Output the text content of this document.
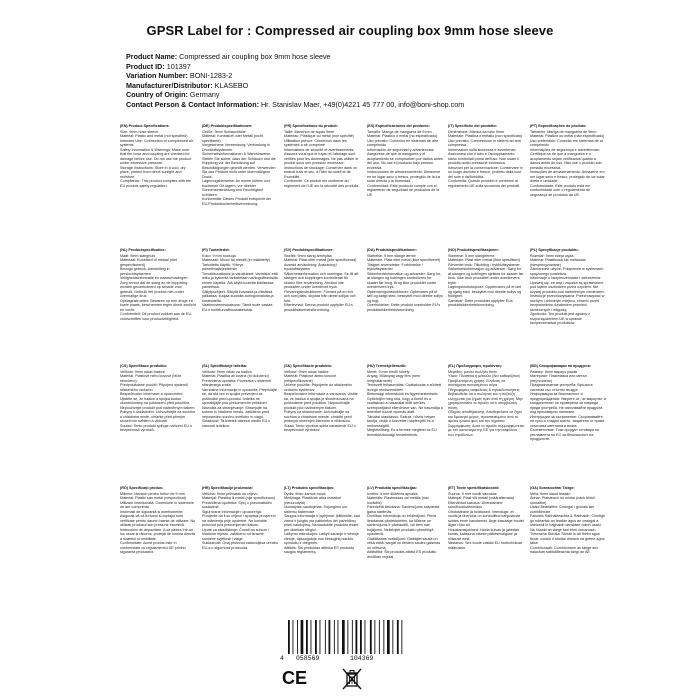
GPSR Label for : Compressed air coupling box 9mm hose sleeve
Product Name: Compressed air coupling box 9mm hose sleeve
Product ID: 101397
Variation Number: BONI-1283-2
Manufacturer/Distributor: KLASEBO
Country of Origin: Germany
Contact Person & Contact Information: Hr. Stanislav Maer, +49(0)4221 45 777 00, info@boni-shop.com
(EN) Product Specifications:
Size: 9mm hose sleeve
Material: Plastic and metal (not specified)
Intended Use: Connection of compressed air systems
Safety Information & Warnings: Make sure that the hose and coupling are checked for damage before use. Do not use the product under excessive pressure.
Storage Instructions: Store in a cool, dry place, protect from direct sunlight and moisture.
Compliance: This product complies with the EU product safety regulation.
(DE) Produktspezifikationen:
Größe: 9mm Schlauchtülle
Material: Kunststoff oder Metall (nicht spezifiziert)
Vorgesehene Verwendung: Verbindung in Druckluftsystemen
Sicherheitsinformationen & Warnhinweise: Stellen Sie sicher, dass der Schlauch und die Kupplung vor der Benutzung auf Beschädigungen geprüft werden. Verwenden Sie das Produkt nicht unter übermäßigem Druck.
Lagerungshinweise: An einem kühlen und trockenen Ort lagern, vor direkter Sonneneinstrahlung und Feuchtigkeit schützen.
Konformität: Dieses Produkt entspricht der EU-Produktsicherheitsverordnung.
(FR) Spécifications du produit:
Taille: Manchon de tuyau 9mm
Matériau: Plastique ou métal (non spécifié)
Utilisation prévue: Connexion dans les systèmes à air comprimé
Informations de sécurité et avertissements: Assurez-vous que le tuyau et l'attelage sont vérifiés pour les dommages. Ne pas utiliser le produit sous une pression excessive.
Instructions de stockage: Conserver dans un endroit frais et sec, à l'abri du soleil et de l'humidité.
Conformité: Ce produit est conforme au règlement de l'UE sur la sécurité des produits.
(ES) Especificaciones del producto:
Tamaño: Manga de manguera de 9 mm
Material: Plástico o metal (no especificado)
Uso previsto: Conexión en sistemas de aire comprimido
Información de seguridad y advertencias: Asegúrese de que la manguera y el acoplamiento se comprueben por daños antes del uso. No use el producto bajo presión excesiva.
Instrucciones de almacenamiento: Almacene en un lugar seco y fresco, protegido de la luz solar directa y la humedad.
Conformidad: Este producto cumple con el reglamento de seguridad de productos de la UE.
(IT) Specifiche del prodotto:
Dimensione: Manica da tubo 9mm
Materiale: Plastica o metallo (non specificato)
Uso previsto: Connessione in sistemi ad aria compressa
Informazioni sulla sicurezza e avvertenze: Assicurarsi che il tubo e l'accoppiamento siano controllati prima dell'uso. Non usare il prodotto sotto pressione eccessiva.
Istruzioni per la conservazione: Conservare in un luogo asciutto e fresco, protetto dalla luce del sole e dall'umidità.
Conformità: Questo prodotto è conforme al regolamento UE sulla sicurezza dei prodotti.
(PT) Especificações do produto:
Tamanho: Manga de mangueira de 9mm
Material: Plástico ou metal (não especificado)
Uso pretendido: Conexão em sistemas de ar comprimido
Informações de segurança e advertências: Certifique-se de que a mangueira e o acoplamento sejam verificados quanto a danos antes do uso. Não use o produto sob pressão excessiva.
Instruções de armazenamento: Armazene em um lugar seco e fresco, protegido da luz solar direta e umidade.
Conformidade: Este produto está em conformidade com o regulamento de segurança de produtos da UE.
(NL) Productspecificaties:
Maat: 9mm slanghuls
Materiaal: Kunststof of metaal (niet gespecificeerd)
Beoogd gebruik: Aansluiting in persluchtsystemen
Veiligheidsinformatie en waarschuwingen: Zorg ervoor dat de slang en de koppeling worden gecontroleerd op schade voor gebruik. Gebruik het product niet onder overmatige druk.
Opslaginstructies: Bewaren op een droge en koele plaats, beschermen tegen direct zonlicht en vocht.
Conformiteit: Dit product voldoet aan de EU-voorschriften voor productveiligheid.
(FI) Tuotetiedot:
Koko: 9 mm hoosuja
Materiaali: Muovi tai metalli (ei määritelty)
Tarkoitettu käyttö: Yhteys paineilmajärjestelmiin
Turvallisuustiedot ja varoitukset: Varmista, että letku ja kytkentä tarkistetaan vahingoittumisilta ennen käyttöä. Älä käytä tuotetta liiallisessa paineessa.
Säilytysohjeet: Säilytä kuivassa ja viileässä paikassa, suojaa suoralta auringonvalolta ja kosteudelta.
Vaatimustenmukaisuus: Tämä tuote vastaa EU:n tuoteturvallisuusasetusta.
(SV) Produktspecifikationer:
Storlek: 9mm slang ärmhylsa
Material: Plast eller metall (inte specificerad)
Avsedd användning: Anslutning i tryckluftssystem
Säkerhetsinformation och varningar: Se till att slangen och kopplingen kontrolleras för skador före användning. Använd inte produkten under överdrivet tryck.
Förvaringsinstruktioner: Förvara på en torr och sval plats, skydda från direkt solljus och fukt.
Efterlevnad: Denna produkt uppfyller EU:s produktsäkerhetsförordning.
(DA) Produktspecifikationer:
Størrelse: 9 mm slange ærme
Materiale: Plast eller metal (ikke specificeret)
Tilsigtet anvendelse: Forbindelse i trykluftsystemer
Sikkerhedsinformation og advarsler: Sørg for, at slangen og koblingen kontrolleres for skader før brug. Brug ikke produktet under overdrevent tryk.
Opbevaringsinstruktioner: Opbevares på et tørt og køligt sted, beskyttet mod direkte sollys og fugt.
Overholdelse: Dette produkt overholder EU's produktsikkerhedsforordning.
(NO) Produktspesifikasjoner:
Størrelse: 9 mm slangeerme
Materiale: Plast eller metall (ikke spesifisert)
Forventet bruk: Tilkobling i trykkluftsystemer
Sikkerhetsinformasjon og advarsler: Sørg for at slangen og koblingen sjekkes for skader før bruk. Ikke bruk produktet under overdrevent trykk.
Lagringsinstruksjoner: Oppbevares på et tørt og kjølig sted, beskyttet mot direkte sollys og fuktighet.
Samsvar: Dette produktet oppfyller EUs produktsikkerhetsforordning.
(PL) Specyfikacje produktu:
Rozmiar: 9mm tuleja węża
Materiał: Plastikowa lub metalowa (niesprecyzowane)
Zamierzone użycie: Połączenie w systemach sprężonego powietrza
Informacje o bezpieczeństwie i ostrzeżenia: Upewnij się, że wąż i złączka są sprawdzone pod kątem uszkodzeń przed użyciem. Nie używaj produktu pod nadmiernym ciśnieniem.
Instrukcje przechowywania: Przechowywać w suchym i chłodnym miejscu, chronić przed bezpośrednim działaniem promieni słonecznych i wilgocią.
Zgodność: Ten produkt jest zgodny z rozporządzeniem UE w sprawie bezpieczeństwa produktów.
(CS) Specifikace produktu:
Velikost: 9mm rukáv hadice
Materiál: Plastové nebo kovové (blíže neurčeno)
Předpokládané použití: Připojení systémů stlačeného vzduchu
Bezpečnostní informace a upozornění: Ujistěte se, že hadice a spojka budou zkontrolovány na poškození před použitím. Nepoužívejte produkt pod nadměrným tlakem.
Pokyny k uskladnění: Uchovávejte na suchém a chladném místě, chraňte před přímým slunečním světlem a vlhkostí.
Soulad: Tento produkt splňuje nařízení EU o bezpečnosti výrobků.
(SL) Specifikacije izdelka:
Velikost: 9mm rokav za hadico
Material: Plastika ali kovina (ni določeno)
Predvidena uporaba: Povezava v sistemih stisnjenega zraka
Varnostne informacije in opozorila: Prepričajte se, da sta cev in spojka preverjeni za poškodbe pred uporabo. Izdelka ne uporabljajte pod prekomernim pritiskom.
Navodila za shranjevanje: Shranjujte na suhem in hladnem mestu, zaščiteno pred neposredno sončno svetlobo in vlago.
Skladnost: Ta izdelek ustreza uredbi EU o varnosti izdelkov.
(SK) Špecifikácie produktu:
Veľkosť: 9mm rukáv hadice
Materiál: Plastové alebo kovové (nešpecifikované)
Určené použitie: Pripojenie do stlačeného vzduchu systémov
Bezpečnostné informácie a varovania: Uistite sa, že hadica a spojka je skontrolovaná na poškodenie pred použitím. Nepoužívajte produkt pod nadmerným tlakom.
Pokyny na skladovanie: Uchovávajte na suchom a chladnom mieste, chráňte pred priamym slnečným žiarením a vlhkosťou.
Súlad: Tento výrobok spĺňa nariadenie EÚ o bezpečnosti výrobkov.
(HU) Termékjellemzők:
Méret: 9 mm tömlő hüvely
Anyag: Műanyag vagy fém (nem meghatározott)
Tervezett felhasználás: Csatlakozás a sűrített levegő rendszerekben
Biztonsági információk és figyelmeztetések: Győződjön meg róla, hogy a tömlő és a csatlakozó a használat előtt sérülés szempontjából ellenőrizve van. Ne használja a terméket túlzott nyomás alatt.
Tárolási utasítások: Száraz, hűvös helyen tárolja, védje a közvetlen napfénytől és a nedvességtől.
Megfelelőség: Ez a termék megfelel az EU termékbiztonsági rendeletének.
(EL) Προδιαγραφές προϊόντος:
Μέγεθος: μανίκι σωλήνα 9mm
Υλικό: Πλαστικό ή μέταλλο (δεν καθορίζεται)
Προβλεπόμενη χρήση: Σύνδεση σε συστήματα πεπιεσμένου αέρα
Πληροφορίες ασφαλείας & προειδοποιήσεις: Βεβαιωθείτε ότι ο σωλήνας και η σύζευξη ελέγχονται για ζημιές πριν από τη χρήση. Μην χρησιμοποιείτε το προϊόν υπό υπερβολική πίεση.
Οδηγίες αποθήκευσης: Αποθηκεύστε σε ξηρό και δροσερό μέρος, προστατευμένο από το άμεσο ηλιακό φως και την υγρασία.
Συμμόρφωση: Αυτό το προϊόν συμμορφώνεται με τον κανονισμό της ΕΕ για την ασφάλεια των προϊόντων.
(BG) Спецификации на продукта:
Размер: 9mm маркуч ръкав
Материал: Пластмаса или метал (неуточнено)
Предназначение употреба: Връзка в системи със сгъстен въздух
Информация за безопасност и предупреждения: Уверете се, че маркучът и съединителят са проверени за повреди преди употреба. Не използвайте продукта под прекомерно налягане.
Инструкции за съхранение: Съхранявайте на сухо и хладно място, защитено от пряка слънчева светлина и влага.
Съответствие: Този продукт отговаря на регламента на ЕС за безопасност на продуктите.
(RO) Specificații produs:
Mărime: Manșon pentru furtun de 9 mm
Material: Plastic sau metal (nespecificat)
Utilizare intenționată: Conexiune în sistemele de aer comprimat
Informații de siguranță și avertismente: Asigurați-vă că furtunul și cuplajul sunt verificate pentru daune înainte de utilizare. Nu utilizați produsul sub presiune excesivă.
Instrucțiuni de depozitare: A se păstra într-un loc uscat și răcoros, protejat de lumina directă a soarelui și umiditate.
Conformitate: Acest produs este în conformitate cu regulamentul UE privind siguranța produselor.
(HR) Specifikacije proizvoda:
Veličina: 9mm prihvatak za crijevo
Materijal: Plastika ili metal (nije specificirano)
Predviđena upotreba: Spoj u pneumatskim sustavima
Sigurnosne informacije i upozorenja: Provjerite da li su crijevo i spojnica provjereni na oštećenja prije upotrebe. Ne koristite proizvod pod prekomjernim tlakom.
Upute za skladištenje: Čuvati na suhom i hladnom mjestu, zaštićeno od izravne sunčeve svjetlosti i vlage.
Sukladnost: Ovaj proizvod zadovoljava uredbu EU-a o sigurnosti proizvoda.
(LT) Produkto specifikacijos:
Dydis: 9mm žarnos mova
Medžiaga: Plastikinė arba metalinė (nenurodyta)
Numatytas naudojimas: Sujungimo oro sistemų sistemose
Saugos informacija ir įspėjimai: Įsitikinkite, kad žarna ir jungtis yra patikrintos dėl pažeidimų prieš naudojimą. Nenaudokite produkto esant per dideliam slėgiui.
Laikymo instrukcijos: Laikyti sausoje ir vėsioje vietoje, apsaugotoje nuo tiesioginių saulės spindulių ir drėgmės.
Atitiktis: Šis produktas atitinka ES produktų saugos reglamentą.
(LV) Produkta specifikācijas:
Izmērs: 9 mm šļūtenes apvalks
Materiāls: Plastmasas vai metāls (nav norādīts)
Paredzētā lietošana: Savienojums saspiesta gaisa sistēmās
Drošības informācija un brīdinājumi: Pirms lietošanas pārliecinieties, ka šļūtene un savienojums ir pārbaudīti, vai tiem nav bojājumu. Nelietojiet produktu pārmērīgā spiedienā.
Glabāšanas norādījumi: Glabājiet sausā un vēsā vietā, sargāt no tiešiem saules gaismas un mitruma.
Atbilstība: Šis produkts atbilst ES produktu drošības regulai.
(ET) Toote spetsifikatsioonid:
Suurus: 9 mm voolik varrukas
Materjal: Plast või metall (määratlemata)
Ettenähtud kasutus: Ühendamine suruõhusüsteemides
Ohutusteave ja hoiatused: Veenduge, et voolik ja ühendus on kontrollitud kahjustuste suhtes enne kasutamist. Ärge kasutage toodet liigse rõhu all.
Hoiustamisjuhised: Hoida kuivas ja jahedas kohas, kaitstuna otsese päikesevalguse ja niiskuse eest.
Vastavus: See toode vastab ELi tooteohutuse määrusele.
(GA) Sonraíochtaí Táirge:
Méid: 9mm slaod feadán
Ábhar: Plaisteach nó miotal (nach bhfuil sonraithe)
Úsáid Beartaithe: Ceangal i gcórais aer comhbhrúite
Faisnéis Sábháilteachta & Rabhaidh: Cinntigh go ndéantar an feadán agus an ceangal a sheiceáil le haghaidh damáiste roimh úsáid. Ná húsáid an táirge faoi bhrú iomarcach.
Treoracha Stórála: Stóráil in áit thirim agus fhuar, cosain ó sholas díreach na gréine agus taise.
Comhlíonadh: Comhlíonann an táirge seo rialachán sábháilteachta táirgí an AE.
4 058569	104369
CE
